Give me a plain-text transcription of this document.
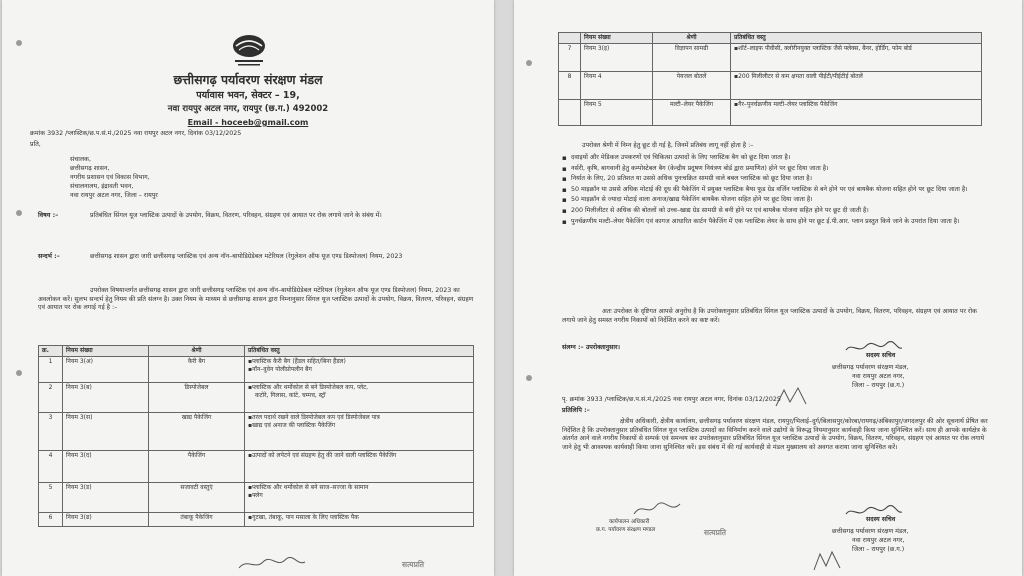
छत्तीसगढ़ पर्यावरण संरक्षण मंडल
पर्यावास भवन, सेक्टर – 19,
नवा रायपुर अटल नगर, रायपुर (छ.ग.) 492002
Email - hoceeb@gmail.com
क्रमांक 3932 /प्लास्टिक/छ.प.सं.मं./2025 नवा रायपुर अटल नगर, दिनांक 03/12/2025
प्रति,
संचालक,
छत्तीसगढ़ शासन,
नगरीय प्रशासन एवं विकास विभाग,
संचालनालय, इंद्रावती भवन,
नवा रायपुर अटल नगर, जिला – रायपुर
विषय :–	प्रतिबंधित सिंगल यूज प्लास्टिक उत्पादों के उपयोग, विक्रय, वितरण, परिवहन, संग्रहण एवं आयात पर रोक लगाये जाने के संबंध में।
सन्दर्भ :–	छत्तीसगढ़ शासन द्वारा जारी छत्तीसगढ़ प्लास्टिक एवं अन्य नॉन–बायोडिग्रेडेबल मटेरियल (रेगुलेशन ऑफ यूज एण्ड डिस्पोजल) नियम, 2023
उपरोक्त विषयान्तर्गत छत्तीसगढ़ शासन द्वारा जारी छत्तीसगढ़ प्लास्टिक एवं अन्य नॉन–बायोडिग्रेडेबल मटेरियल (रेगुलेशन ऑफ यूज एण्ड डिस्पोजल) नियम, 2023 का अवलोकन करें। सुलभ सन्दर्भ हेतु नियम की प्रति संलग्न है। उक्त नियम के माध्यम से छत्तीसगढ़ शासन द्वारा निम्नानुसार सिंगल यूज प्लास्टिक उत्पादों के उपयोग, विक्रय, वितरण, परिवहन, संग्रहण एवं आयात पर रोक लगाई गई है :–
क्र.	नियम संख्या	श्रेणी	प्रतिबंधित वस्तु
1	नियम 3(अ)	कैरी बैग	▪ प्लास्टिक कैरी बैग (हैंडल सहित/बिना हैंडल)
▪ नॉन–वुवेन पोलीप्रोपलीन बैग

2	नियम 3(ब)	डिस्पोजेबल	▪ प्लास्टिक और थर्मोकोल से बने डिस्पोजेबल कप, प्लेट,
कटोरे, गिलास, कांटे, चम्मच, स्ट्रॉ

3	नियम 3(स)	खाद्य पैकेजिंग	▪ तरल पदार्थ रखने वाले डिस्पोजेबल कप एवं डिस्पोजेबल पात्र
▪ खाद्य एवं अनाज की प्लास्टिक पैकेजिंग

4	नियम 3(द)	पैकेजिंग	▪ उत्पादों को लपेटने एवं संग्रहण हेतु की जाने वाली प्लास्टिक पैकेजिंग

5	नियम 3(ड)	सजावटी वस्तुएं	▪ प्लास्टिक और थर्मोकोल से बने साज–सज्जा के सामान
▪ फ्लेग

6	नियम 3(ढ)	तंबाकू पैकेजिंग	▪ गुटखा, तंबाकू, पान मसाला के लिए प्लास्टिक पैक
सत्यप्रति
	नियम संख्या	श्रेणी	प्रतिबंधित वस्तु
7	नियम 3(इ)	विज्ञापन सामग्री	▪ शॉर्ट–लाइफ पीवीसी, क्लोरीनयुक्त प्लास्टिक जैसे फ्लेक्स, बैनर, होर्डिंग, फोम बोर्ड

8	नियम 4	पेयजल बोतलें	▪ 200 मिलीलीटर से कम क्षमता वाली पीईटी/पीईटीई बोतलें

	नियम 5	मल्टी–लेयर पैकेजिंग	▪ गैर–पुनर्चक्रणीय मल्टी–लेयर प्लास्टिक पैकेजिंग
उपरोक्त श्रेणी में निम्न हेतु छूट दी गई है, जिनमें प्रतिबंध लागू नहीं होता है :–
▪ दवाइयों और मेडिकल उपकरणों एवं चिकित्सा उत्पादों के लिए प्लास्टिक बैग को छूट दिया जाता है।
▪ नर्सरी, कृषि, बागवानी हेतु कम्पोस्टेबल बैग (केन्द्रीय प्रदूषण नियंत्रण बोर्ड द्वारा प्रमाणित) होने पर छूट दिया जाता है।
▪ निर्यात के लिए, 20 प्रतिशत या उससे अधिक पुनःचक्रित सामग्री वाले बबल प्लास्टिक को छूट दिया जाता है।
▪ 50 माइक्रॉन या उससे अधिक मोटाई की दूध की पैकेजिंग में प्रयुक्त प्लास्टिक बैग्स फूड ग्रेड वर्जिन प्लास्टिक से बने होने पर एवं बायबैक योजना सहित होने पर छूट दिया जाता है।
▪ 50 माइक्रॉन से ज्यादा मोटाई वाला अनाज/खाद्य पैकेजिंग बायबैक योजना सहित होने पर छूट दिया जाता है।
▪ 200 मिलीलीटर से अधिक की बोतलों को उच्च–खाद्य ग्रेड सामग्री से बनी होने पर एवं बायबैक योजना सहित होने पर छूट दी जाती है।
▪ पुनर्चक्रणीय मल्टी–लेयर पैकेजिंग एवं कागज आधारित कार्टन पैकेजिंग में एक प्लास्टिक लेयर के साथ होने पर छूट ई.पी.आर. प्लान प्रस्तुत किये जाने के उपरांत दिया जाता है।
अतः उपरोक्त के दृष्टिगत आपसे अनुरोध है कि उपरोक्तानुसार प्रतिबंधित सिंगल यूज प्लास्टिक उत्पादों के उपयोग, विक्रय, वितरण, परिवहन, संग्रहण एवं आयात पर रोक लगाये जाने हेतु समस्त नगरीय निकायों को निर्देशित करने का कष्ट करें।
संलग्न :– उपरोक्तानुसार।
सदस्य सचिव
छत्तीसगढ़ पर्यावरण संरक्षण मंडल,
नवा रायपुर अटल नगर,
जिला – रायपुर (छ.ग.)
पृ. क्रमांक 3933 /प्लास्टिक/छ.प.सं.मं./2025 नवा रायपुर अटल नगर, दिनांक 03/12/2025
प्रतिलिपि :–
क्षेत्रीय अधिकारी, क्षेत्रीय कार्यालय, छत्तीसगढ़ पर्यावरण संरक्षण मंडल, रायपुर/भिलाई–दुर्ग/बिलासपुर/कोरबा/रायगढ़/अंबिकापुर/जगदलपुर की ओर सूचनार्थ प्रेषित कर निर्देशित है कि उपरोक्तानुसार प्रतिबंधित सिंगल यूज प्लास्टिक उत्पादों का विनिर्माण करने वाले उद्योगों के विरूद्ध नियमानुसार कार्यवाही किया जाना सुनिश्चित करें। साथ ही आपके कार्यक्षेत्र के अंतर्गत आने वाले नगरीय निकायों से सम्पर्क एवं समन्वय कर उपरोक्तानुसार प्रतिबंधित सिंगल यूज प्लास्टिक उत्पादों के उपयोग, विक्रय, वितरण, परिवहन, संग्रहण एवं आयात पर रोक लगाये जाने हेतु भी आवश्यक कार्यवाही किया जाना सुनिश्चित करें। इस संबंध में की गई कार्यवाही से मंडल मुख्यालय को अवगत कराया जाना सुनिश्चित करें।
कार्यपालन अधिकारी
छ.ग. पर्यावरण संरक्षण मण्डल	सत्यप्रति
सदस्य सचिव
छत्तीसगढ़ पर्यावरण संरक्षण मंडल,
नवा रायपुर अटल नगर,
जिला – रायपुर (छ.ग.)
